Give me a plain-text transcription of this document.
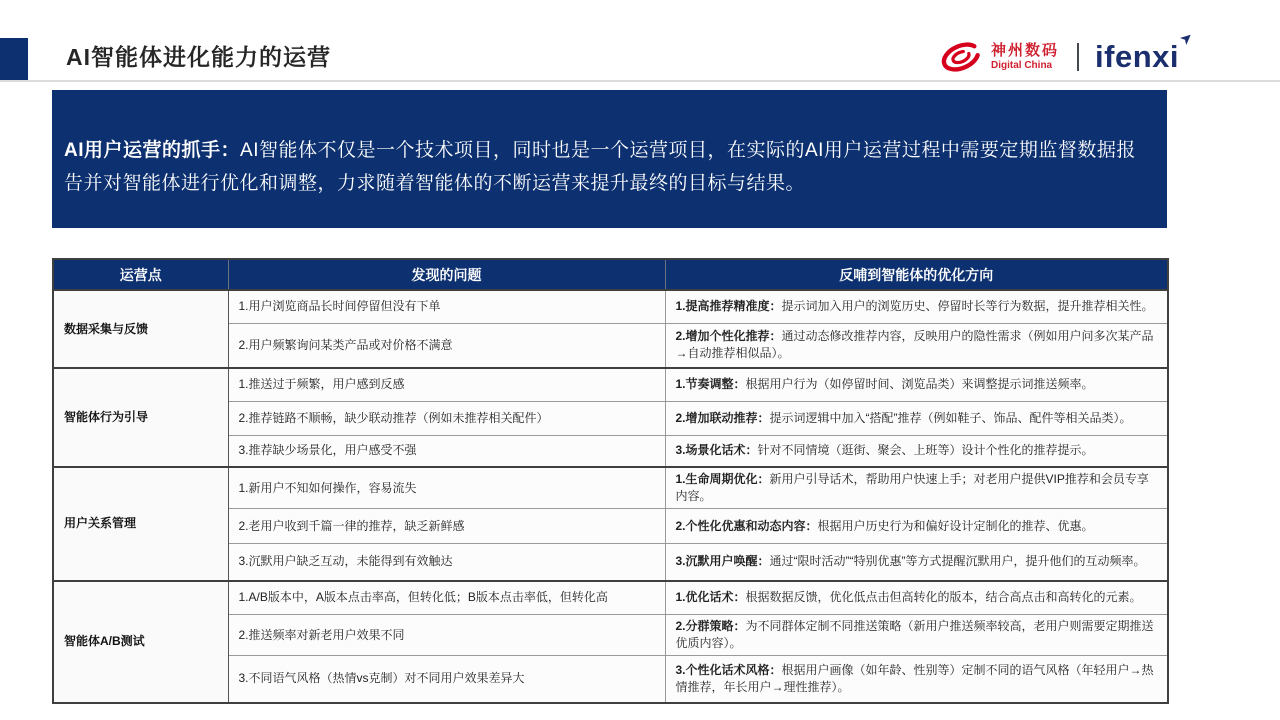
AI智能体进化能力的运营	神州数码
Digital China ifenxi
➤

AI用户运营的抓手：AI智能体不仅是一个技术项目，同时也是一个运营项目，在实际的AI用户运营过程中需要定期监督数据报告并对智能体进行优化和调整，力求随着智能体的不断运营来提升最终的目标与结果。

运营点	发现的问题	反哺到智能体的优化方向
数据采集与反馈	1.用户浏览商品长时间停留但没有下单	1.提高推荐精准度：提示词加入用户的浏览历史、停留时长等行为数据，提升推荐相关性。
	2.用户频繁询问某类产品或对价格不满意	2.增加个性化推荐：通过动态修改推荐内容，反映用户的隐性需求（例如用户问多次某产品→自动推荐相似品）。
智能体行为引导	1.推送过于频繁，用户感到反感	1.节奏调整：根据用户行为（如停留时间、浏览品类）来调整提示词推送频率。
	2.推荐链路不顺畅，缺少联动推荐（例如未推荐相关配件）	2.增加联动推荐：提示词逻辑中加入“搭配”推荐（例如鞋子、饰品、配件等相关品类）。
	3.推荐缺少场景化，用户感受不强	3.场景化话术：针对不同情境（逛街、聚会、上班等）设计个性化的推荐提示。
用户关系管理	1.新用户不知如何操作，容易流失	1.生命周期优化：新用户引导话术，帮助用户快速上手；对老用户提供VIP推荐和会员专享内容。
	2.老用户收到千篇一律的推荐，缺乏新鲜感	2.个性化优惠和动态内容：根据用户历史行为和偏好设计定制化的推荐、优惠。
	3.沉默用户缺乏互动，未能得到有效触达	3.沉默用户唤醒：通过“限时活动”“特别优惠”等方式提醒沉默用户，提升他们的互动频率。
智能体A/B测试	1.A/B版本中，A版本点击率高，但转化低；B版本点击率低，但转化高	1.优化话术：根据数据反馈，优化低点击但高转化的版本，结合高点击和高转化的元素。
	2.推送频率对新老用户效果不同	2.分群策略：为不同群体定制不同推送策略（新用户推送频率较高，老用户则需要定期推送优质内容）。
	3.不同语气风格（热情vs克制）对不同用户效果差异大	3.个性化话术风格：根据用户画像（如年龄、性别等）定制不同的语气风格（年轻用户→热情推荐，年长用户→理性推荐）。
